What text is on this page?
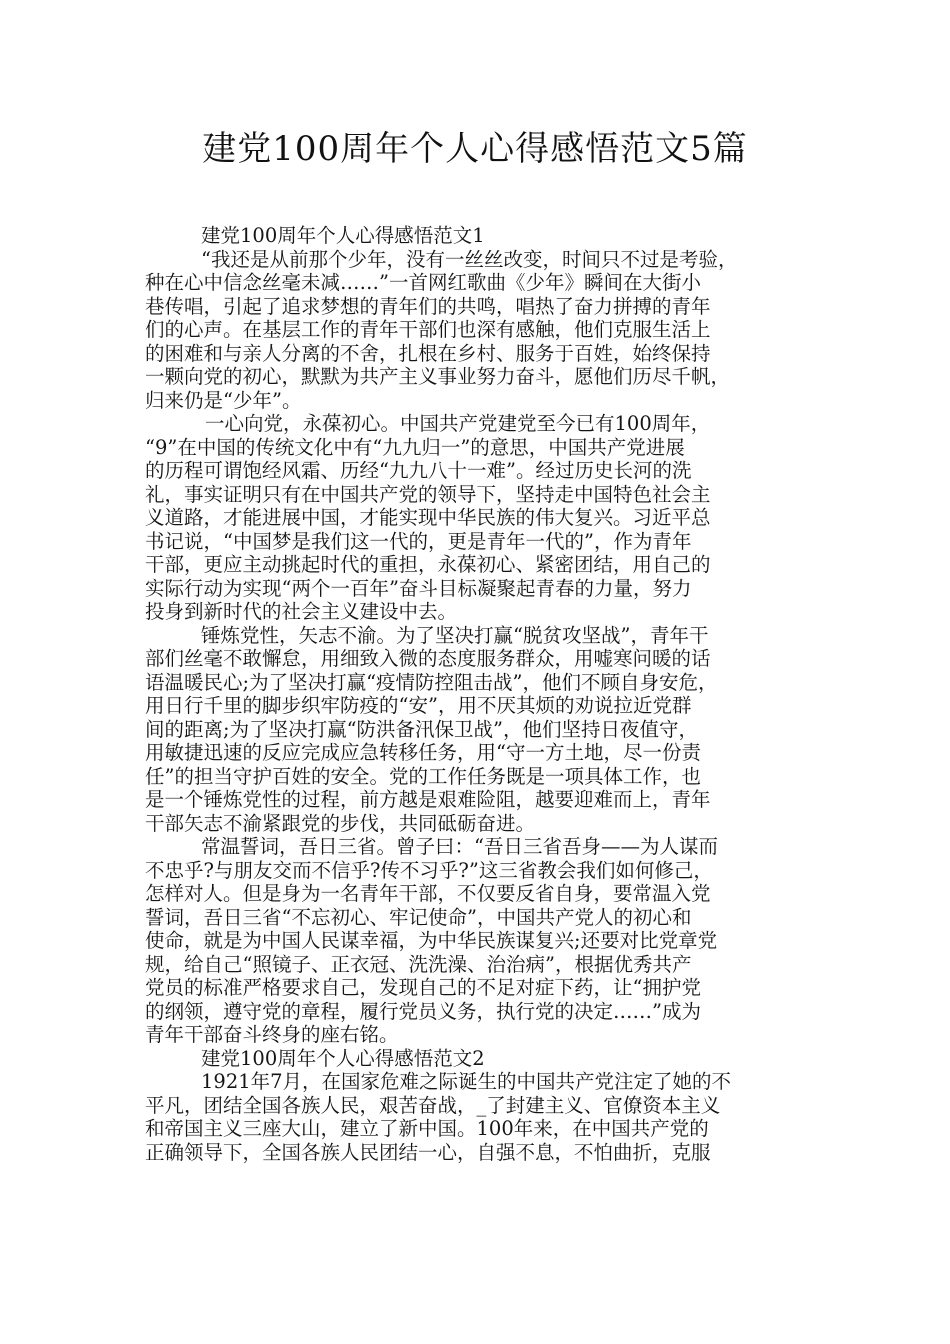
建党100周年个人心得感悟范文5篇
建党100周年个人心得感悟范文1
“我还是从前那个少年，没有一丝丝改变，时间只不过是考验，
种在心中信念丝毫未减……”一首网红歌曲《少年》瞬间在大街小
巷传唱，引起了追求梦想的青年们的共鸣，唱热了奋力拼搏的青年
们的心声。在基层工作的青年干部们也深有感触，他们克服生活上
的困难和与亲人分离的不舍，扎根在乡村、服务于百姓，始终保持
一颗向党的初心，默默为共产主义事业努力奋斗，愿他们历尽千帆，
归来仍是“少年”。
一心向党，永葆初心。中国共产党建党至今已有100周年，
“9”在中国的传统文化中有“九九归一”的意思，中国共产党进展
的历程可谓饱经风霜、历经“九九八十一难”。经过历史长河的洗
礼，事实证明只有在中国共产党的领导下，坚持走中国特色社会主
义道路，才能进展中国，才能实现中华民族的伟大复兴。习近平总
书记说，“中国梦是我们这一代的，更是青年一代的”，作为青年
干部，更应主动挑起时代的重担，永葆初心、紧密团结，用自己的
实际行动为实现“两个一百年”奋斗目标凝聚起青春的力量，努力
投身到新时代的社会主义建设中去。
锤炼党性，矢志不渝。为了坚决打赢“脱贫攻坚战”，青年干
部们丝毫不敢懈怠，用细致入微的态度服务群众，用嘘寒问暖的话
语温暖民心;为了坚决打赢“疫情防控阻击战”，他们不顾自身安危，
用日行千里的脚步织牢防疫的“安”，用不厌其烦的劝说拉近党群
间的距离;为了坚决打赢“防洪备汛保卫战”，他们坚持日夜值守，
用敏捷迅速的反应完成应急转移任务，用“守一方土地，尽一份责
任”的担当守护百姓的安全。党的工作任务既是一项具体工作，也
是一个锤炼党性的过程，前方越是艰难险阻，越要迎难而上，青年
干部矢志不渝紧跟党的步伐，共同砥砺奋进。
常温誓词，吾日三省。曾子曰：“吾日三省吾身——为人谋而
不忠乎?与朋友交而不信乎?传不习乎?”这三省教会我们如何修己，
怎样对人。但是身为一名青年干部，不仅要反省自身，要常温入党
誓词，吾日三省“不忘初心、牢记使命”，中国共产党人的初心和
使命，就是为中国人民谋幸福，为中华民族谋复兴;还要对比党章党
规，给自己“照镜子、正衣冠、洗洗澡、治治病”，根据优秀共产
党员的标准严格要求自己，发现自己的不足对症下药，让“拥护党
的纲领，遵守党的章程，履行党员义务，执行党的决定……”成为
青年干部奋斗终身的座右铭。
建党100周年个人心得感悟范文2
1921年7月，在国家危难之际诞生的中国共产党注定了她的不
平凡，团结全国各族人民，艰苦奋战，_了封建主义、官僚资本主义
和帝国主义三座大山，建立了新中国。100年来，在中国共产党的
正确领导下，全国各族人民团结一心，自强不息，不怕曲折，克服
